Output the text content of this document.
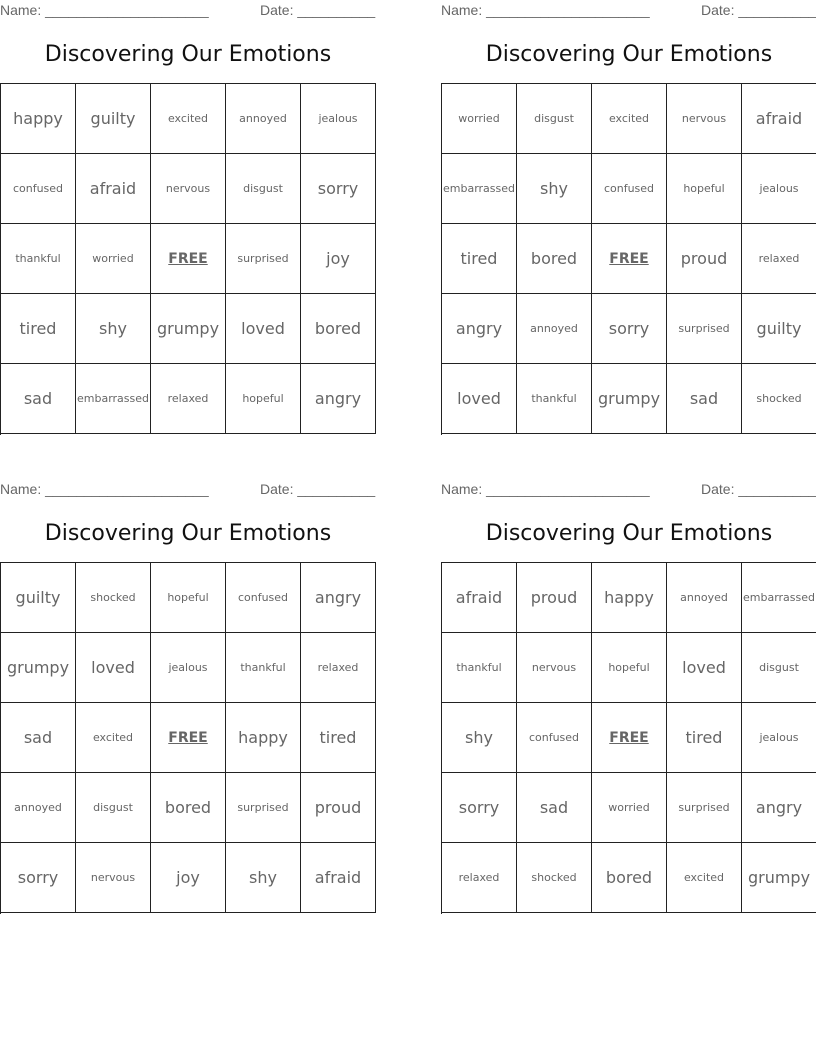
Name: _____________________	Date: __________
Discovering Our Emotions
happy	guilty	excited	annoyed	jealous
confused	afraid	nervous	disgust	sorry
thankful	worried	FREE	surprised	joy
tired	shy	grumpy	loved	bored
sad	embarrassed	relaxed	hopeful	angry
Name: _____________________	Date: __________
Discovering Our Emotions
worried	disgust	excited	nervous	afraid
embarrassed	shy	confused	hopeful	jealous
tired	bored	FREE	proud	relaxed
angry	annoyed	sorry	surprised	guilty
loved	thankful	grumpy	sad	shocked
Name: _____________________	Date: __________
Discovering Our Emotions
guilty	shocked	hopeful	confused	angry
grumpy	loved	jealous	thankful	relaxed
sad	excited	FREE	happy	tired
annoyed	disgust	bored	surprised	proud
sorry	nervous	joy	shy	afraid
Name: _____________________	Date: __________
Discovering Our Emotions
afraid	proud	happy	annoyed	embarrassed
thankful	nervous	hopeful	loved	disgust
shy	confused	FREE	tired	jealous
sorry	sad	worried	surprised	angry
relaxed	shocked	bored	excited	grumpy
